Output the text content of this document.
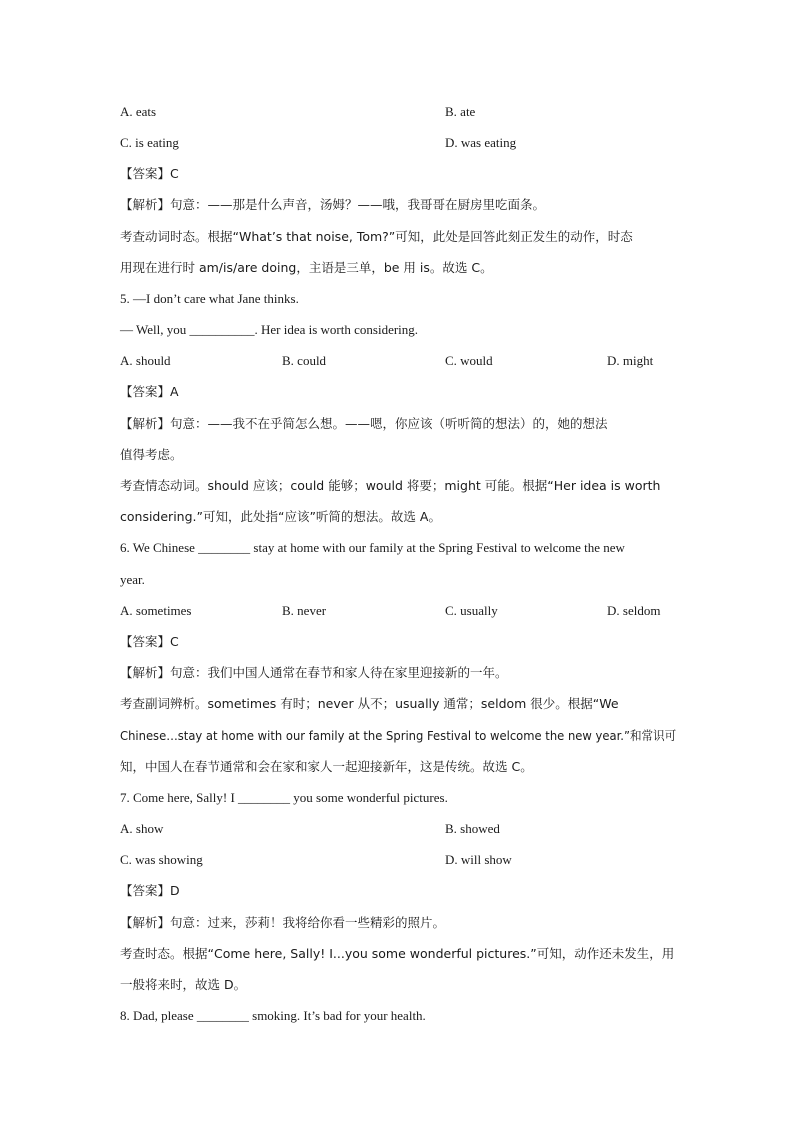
A. eats	B. ate
C. is eating	D. was eating
【答案】C
【解析】句意：——那是什么声音，汤姆？——哦，我哥哥在厨房里吃面条。
考查动词时态。根据“What’s that noise, Tom?”可知，此处是回答此刻正发生的动作，时态
用现在进行时 am/is/are doing，主语是三单，be 用 is。故选 C。
5. —I don’t care what Jane thinks.
— Well, you __________. Her idea is worth considering.
A. should	B. could	C. would	D. might
【答案】A
【解析】句意：——我不在乎简怎么想。——嗯，你应该（听听简的想法）的，她的想法
值得考虑。
考查情态动词。should 应该；could 能够；would 将要；might 可能。根据“Her idea is worth
considering.”可知，此处指“应该”听简的想法。故选 A。
6. We Chinese ________ stay at home with our family at the Spring Festival to welcome the new
year.
A. sometimes	B. never	C. usually	D. seldom
【答案】C
【解析】句意：我们中国人通常在春节和家人待在家里迎接新的一年。
考查副词辨析。sometimes 有时；never 从不；usually 通常；seldom 很少。根据“We
Chinese…stay at home with our family at the Spring Festival to welcome the new year.”和常识可
知，中国人在春节通常和会在家和家人一起迎接新年，这是传统。故选 C。
7. Come here, Sally! I ________ you some wonderful pictures.
A. show	B. showed
C. was showing	D. will show
【答案】D
【解析】句意：过来，莎莉！我将给你看一些精彩的照片。
考查时态。根据“Come here, Sally! I...you some wonderful pictures.”可知，动作还未发生，用
一般将来时，故选 D。
8. Dad, please ________ smoking. It’s bad for your health.
